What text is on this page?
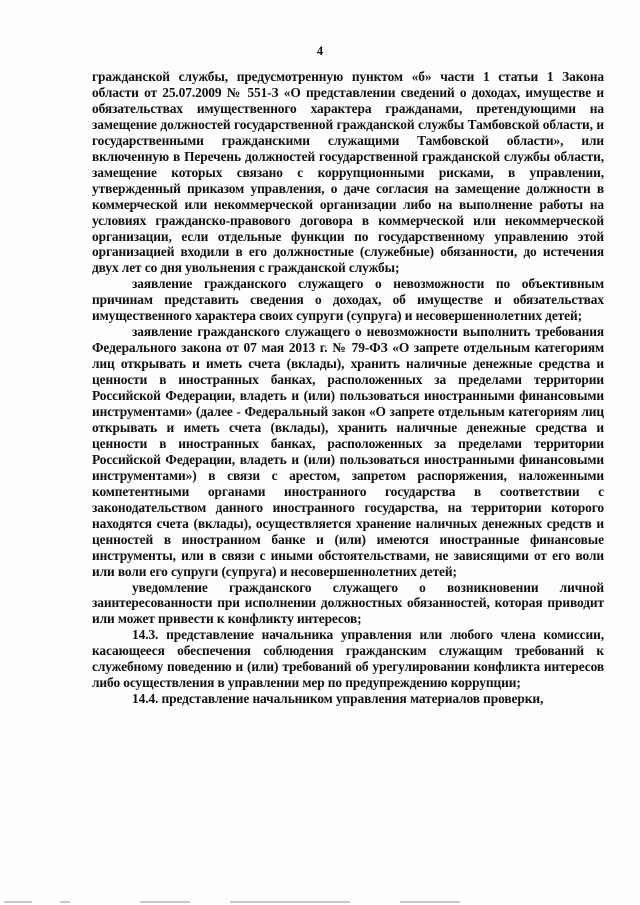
4

гражданской службы, предусмотренную пунктом «б» части 1 статьи 1 Закона области от 25.07.2009 № 551-З «О представлении сведений о доходах, имуществе и обязательствах имущественного характера гражданами, претендующими на замещение должностей государственной гражданской службы Тамбовской области, и государственными гражданскими служащими Тамбовской области», или включенную в Перечень должностей государственной гражданской службы области, замещение которых связано с коррупционными рисками, в управлении, утвержденный приказом управления, о даче согласия на замещение должности в коммерческой или некоммерческой организации либо на выполнение работы на условиях гражданско-правового договора в коммерческой или некоммерческой организации, если отдельные функции по государственному управлению этой организацией входили в его должностные (служебные) обязанности, до истечения двух лет со дня увольнения с гражданской службы;

заявление гражданского служащего о невозможности по объективным причинам представить сведения о доходах, об имуществе и обязательствах имущественного характера своих супруги (супруга) и несовершеннолетних детей;

заявление гражданского служащего о невозможности выполнить требования Федерального закона от 07 мая 2013 г. № 79-ФЗ «О запрете отдельным категориям лиц открывать и иметь счета (вклады), хранить наличные денежные средства и ценности в иностранных банках, расположенных за пределами территории Российской Федерации, владеть и (или) пользоваться иностранными финансовыми инструментами» (далее - Федеральный закон «О запрете отдельным категориям лиц открывать и иметь счета (вклады), хранить наличные денежные средства и ценности в иностранных банках, расположенных за пределами территории Российской Федерации, владеть и (или) пользоваться иностранными финансовыми инструментами») в связи с арестом, запретом распоряжения, наложенными компетентными органами иностранного государства в соответствии с законодательством данного иностранного государства, на территории которого находятся счета (вклады), осуществляется хранение наличных денежных средств и ценностей в иностранном банке и (или) имеются иностранные финансовые инструменты, или в связи с иными обстоятельствами, не зависящими от его воли или воли его супруги (супруга) и несовершеннолетних детей;

уведомление гражданского служащего о возникновении личной заинтересованности при исполнении должностных обязанностей, которая приводит или может привести к конфликту интересов;

14.3. представление начальника управления или любого члена комиссии, касающееся обеспечения соблюдения гражданским служащим требований к служебному поведению и (или) требований об урегулировании конфликта интересов либо осуществления в управлении мер по предупреждению коррупции;

14.4. представление начальником управления материалов проверки,
